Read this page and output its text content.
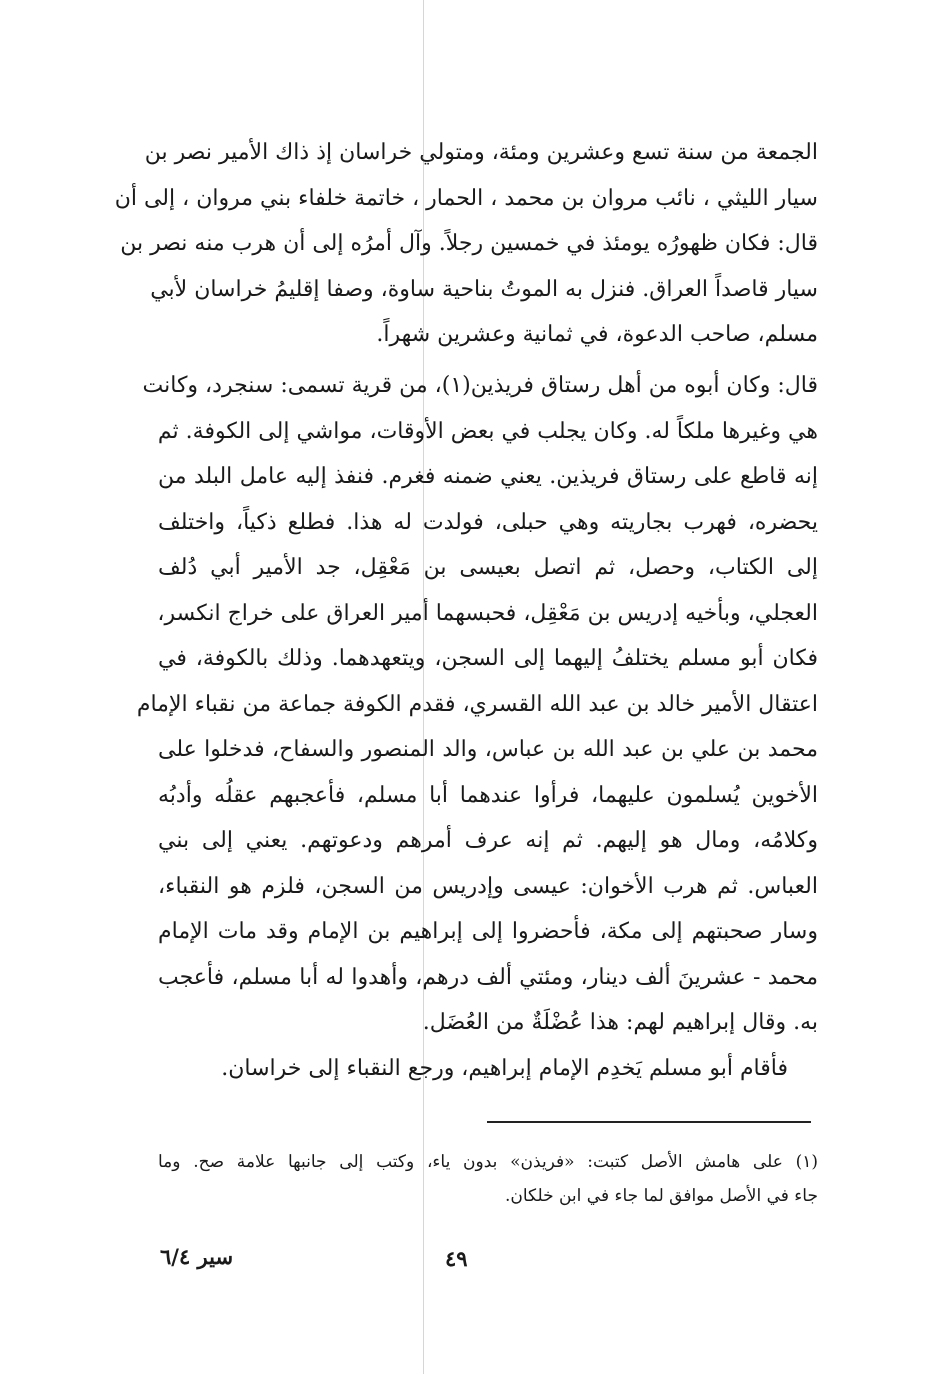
الجمعة من سنة تسع وعشرين ومئة، ومتولي خراسان إذ ذاك الأمير نصر بن
سيار الليثي ، نائب مروان بن محمد ، الحمار ، خاتمة خلفاء بني مروان ، إلى أن
قال: فكان ظهورُه يومئذ في خمسين رجلاً. وآل أمرُه إلى أن هرب منه نصر بن
سيار قاصداً العراق. فنزل به الموتُ بناحية ساوة، وصفا إقليمُ خراسان لأبي
مسلم، صاحب الدعوة، في ثمانية وعشرين شهراً.
قال: وكان أبوه من أهل رستاق فريذين(١)، من قرية تسمى: سنجرد، وكانت
هي وغيرها ملكاً له. وكان يجلب في بعض الأوقات، مواشي إلى الكوفة. ثم
إنه قاطع على رستاق فريذين. يعني ضمنه فغرم. فنفذ إليه عامل البلد من
يحضره، فهرب بجاريته وهي حبلى، فولدت له هذا. فطلع ذكياً، واختلف
إلى الكتاب، وحصل، ثم اتصل بعيسى بن مَعْقِل، جد الأمير أبي دُلف
العجلي، وبأخيه إدريس بن مَعْقِل، فحبسهما أمير العراق على خراج انكسر،
فكان أبو مسلم يختلفُ إليهما إلى السجن، ويتعهدهما. وذلك بالكوفة، في
اعتقال الأمير خالد بن عبد الله القسري، فقدم الكوفة جماعة من نقباء الإمام
محمد بن علي بن عبد الله بن عباس، والد المنصور والسفاح، فدخلوا على
الأخوين يُسلمون عليهما، فرأوا عندهما أبا مسلم، فأعجبهم عقلُه وأدبُه
وكلامُه، ومال هو إليهم. ثم إنه عرف أمرهم ودعوتهم. يعني إلى بني
العباس. ثم هرب الأخوان: عيسى وإدريس من السجن، فلزم هو النقباء،
وسار صحبتهم إلى مكة، فأحضروا إلى إبراهيم بن الإمام وقد مات الإمام
محمد - عشرينَ ألف دينار، ومئتي ألف درهم، وأهدوا له أبا مسلم، فأعجب
به. وقال إبراهيم لهم: هذا عُضْلَةٌ من العُضَل.
فأقام أبو مسلم يَخدِم الإمام إبراهيم، ورجع النقباء إلى خراسان.
(١) على هامش الأصل كتبت: «فريذن» بدون ياء، وكتب إلى جانبها علامة صح. وما
جاء في الأصل موافق لما جاء في ابن خلكان.
٤٩
سير ٦/٤
